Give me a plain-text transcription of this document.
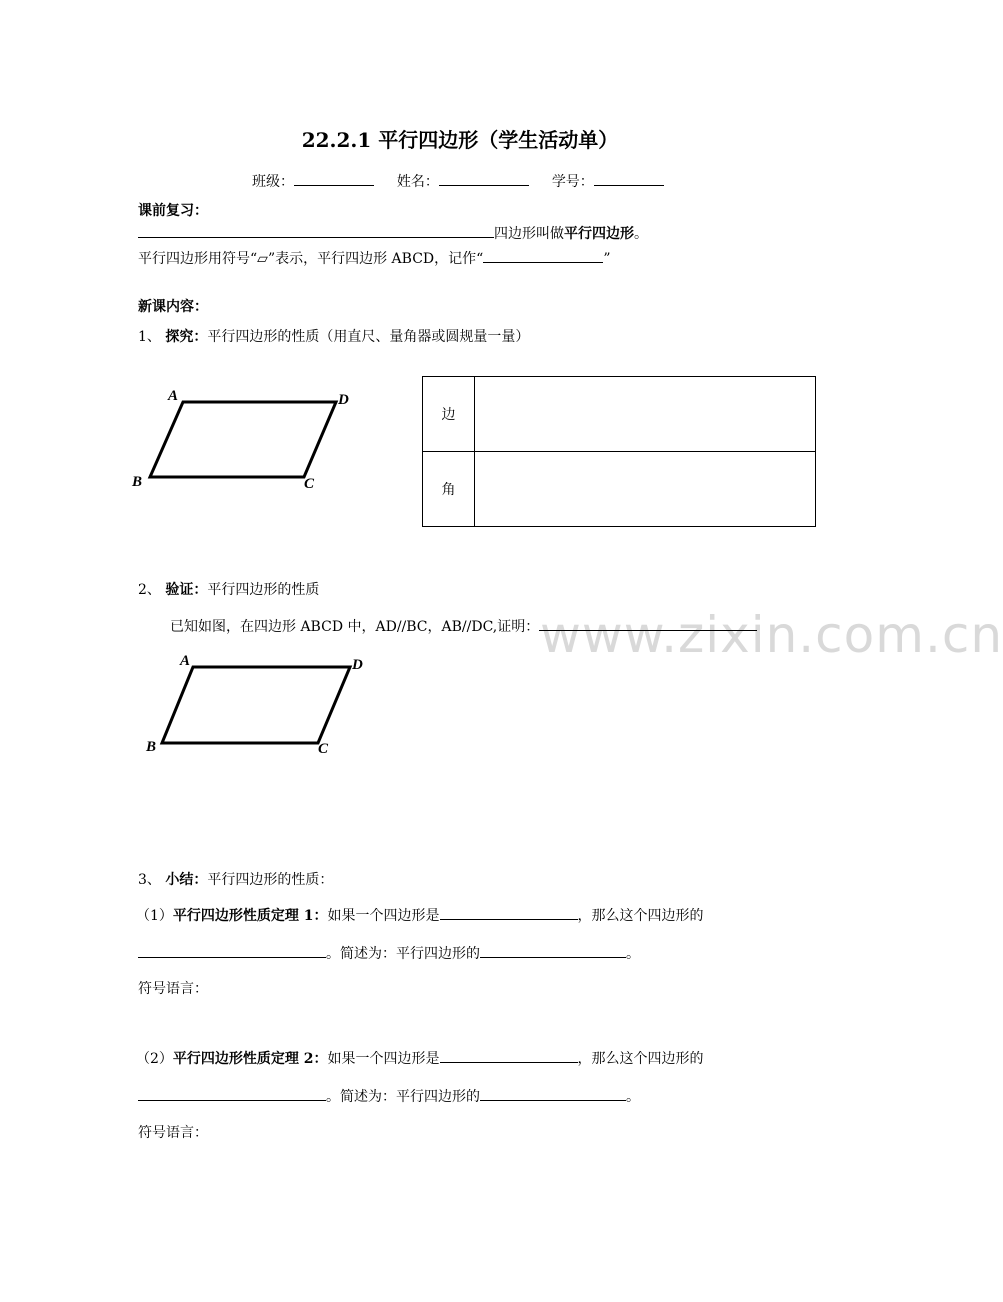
22.2.1 平行四边形（学生活动单）
班级：	姓名：	学号：
课前复习：
四边形叫做平行四边形。
平行四边形用符号“▱”表示，平行四边形 ABCD，记作“	”
新课内容：
1、 探究：平行四边形的性质（用直尺、量角器或圆规量一量）
A	D
B	C
边	
角	
2、 验证：平行四边形的性质
www.zixin.com.cn
已知如图，在四边形 ABCD 中，AD//BC，AB//DC,证明：
A	D
B	C
3、 小结：平行四边形的性质：
（1）平行四边形性质定理 1：如果一个四边形是	，那么这个四边形的
。简述为：平行四边形的	。
符号语言：
（2）平行四边形性质定理 2：如果一个四边形是	，那么这个四边形的
。简述为：平行四边形的	。
符号语言：
